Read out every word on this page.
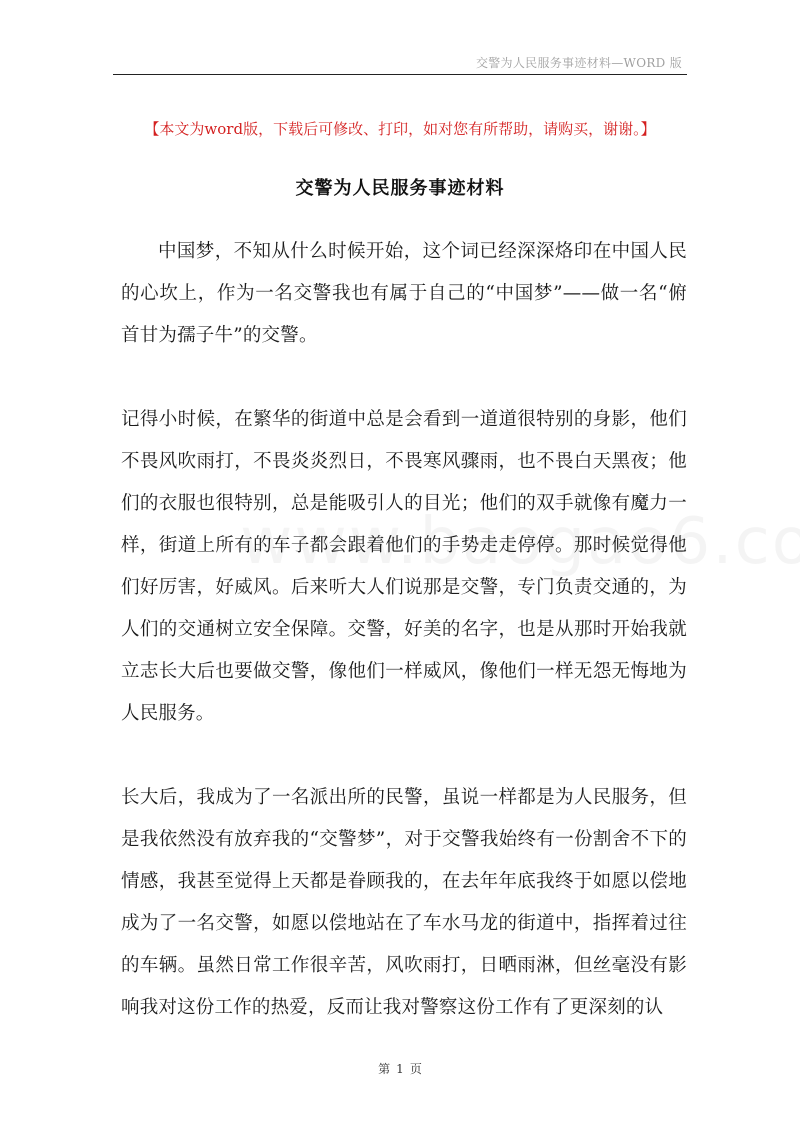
交警为人民服务事迹材料—WORD 版
【本文为word版，下载后可修改、打印，如对您有所帮助，请购买，谢谢。】
交警为人民服务事迹材料

中国梦，不知从什么时候开始，这个词已经深深烙印在中国人民的心坎上，作为一名交警我也有属于自己的“中国梦”——做一名“俯首甘为孺子牛”的交警。

记得小时候，在繁华的街道中总是会看到一道道很特别的身影，他们不畏风吹雨打，不畏炎炎烈日，不畏寒风骤雨，也不畏白天黑夜；他们的衣服也很特别，总是能吸引人的目光；他们的双手就像有魔力一样，街道上所有的车子都会跟着他们的手势走走停停。那时候觉得他们好厉害，好威风。后来听大人们说那是交警，专门负责交通的，为人们的交通树立安全保障。交警，好美的名字，也是从那时开始我就立志长大后也要做交警，像他们一样威风，像他们一样无怨无悔地为人民服务。

长大后，我成为了一名派出所的民警，虽说一样都是为人民服务，但是我依然没有放弃我的“交警梦”，对于交警我始终有一份割舍不下的情感，我甚至觉得上天都是眷顾我的，在去年年底我终于如愿以偿地成为了一名交警，如愿以偿地站在了车水马龙的街道中，指挥着过往的车辆。虽然日常工作很辛苦，风吹雨打，日晒雨淋，但丝毫没有影响我对这份工作的热爱，反而让我对警察这份工作有了更深刻的认

第 1 页
